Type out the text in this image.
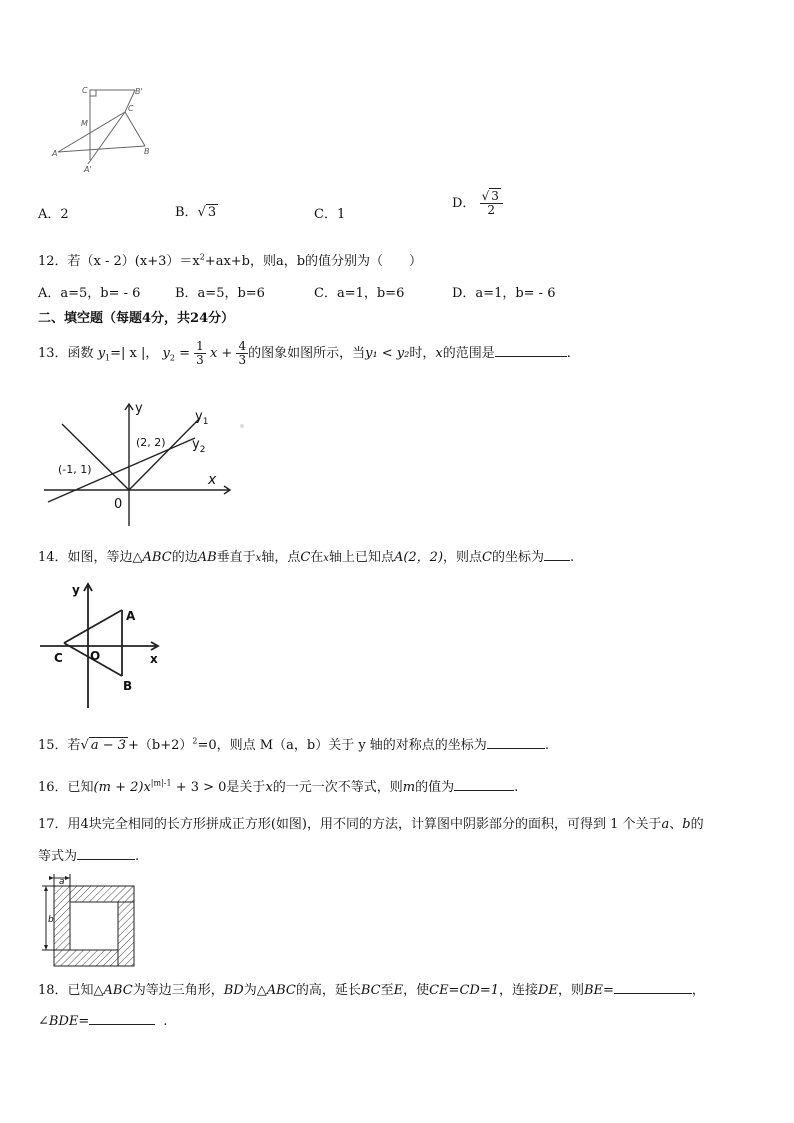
C	B'
C
M
A	B
A'
A．2	B．√ 3	C．1
D． $\frac{√ 3}{2}$
12．若$(x - 2)(x+3)=x^2+ax+b$，则a，b的值分别为（　　）
A．a=5，b= - 6	B．a=5，b=6	C．a=1，b=6	D．a=1，b= - 6
二、填空题（每题4分，共24分）
13．函数 $y_1=|$ x |， $y_2 = \frac{1}{3}$ $x + \frac{4}{3}$ 的图象如图所示，当y₁ < y₂时，x的范围是	.
y
$y_1$
$y_2$
x
0
(-1, 1)
(2, 2)
14．如图，等边△ABC的边AB垂直于x轴，点C在x轴上已知点A(2，2)，则点C的坐标为 .
y
A
C O	x
B
15．若√ $a - 3 +(b+2)^2=0$，则点 M（a，b）关于 y 轴的对称点的坐标为	.
16．已知$(m + 2)x^{|m|-1} + 3 > 0$是关于x的一元一次不等式，则m的值为	.
17．用4块完全相同的长方形拼成正方形(如图)，用不同的方法，计算图中阴影部分的面积，可得到 1 个关于a、b的
等式为	.
a
b
18．已知△ABC为等边三角形，BD为△ABC的高，延长BC至E，使CE=CD=1，连接DE，则BE=	，
∠BDE=	.
